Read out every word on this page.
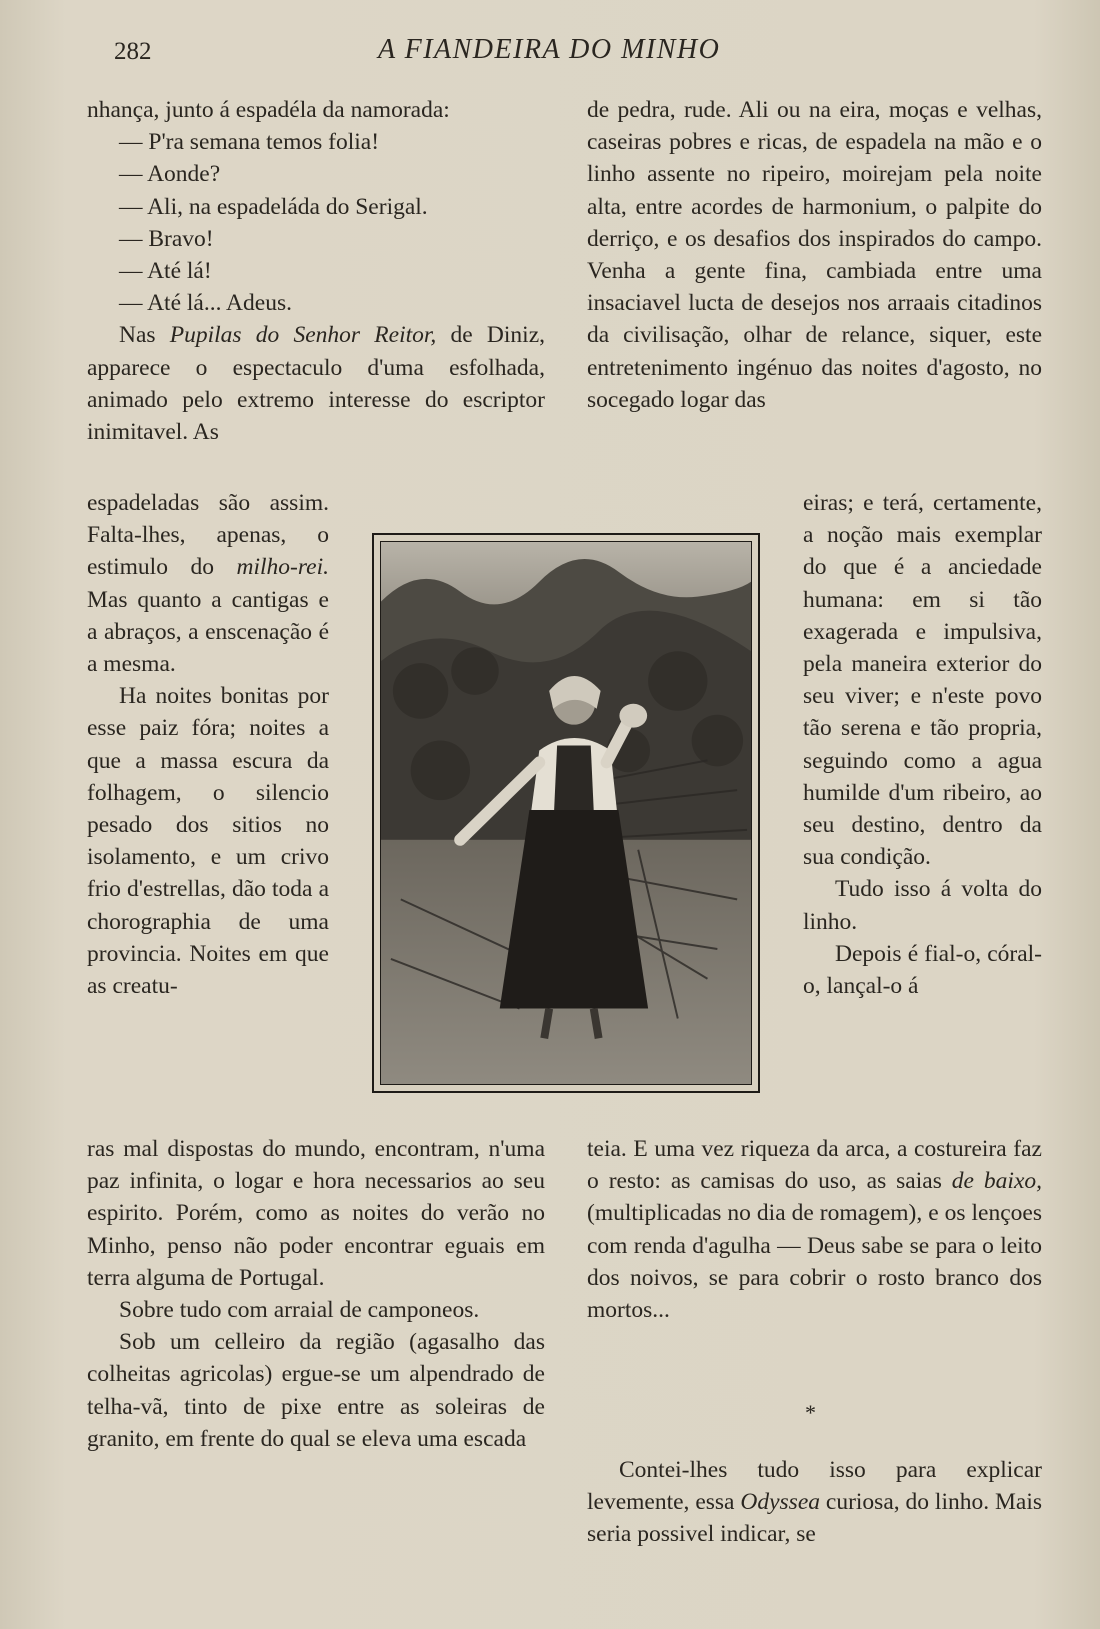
282	A FIANDEIRA DO MINHO

nhança, junto á espadéla da namorada:

— P'ra semana temos folia!

— Aonde?

— Ali, na espadeláda do Serigal.

— Bravo!

— Até lá!

— Até lá... Adeus.

Nas Pupilas do Senhor Reitor, de Diniz, apparece o espectaculo d'uma esfolhada, animado pelo extremo interesse do escriptor inimitavel. As

espadeladas são assim. Falta-lhes, apenas, o estimulo do milho-rei. Mas quanto a cantigas e a abraços, a enscenação é a mesma.

Ha noites bonitas por esse paiz fóra; noites a que a massa escura da folhagem, o silencio pesado dos sitios no isolamento, e um crivo frio d'estrellas, dão toda a chorographia de uma provincia. Noites em que as creatu-

ras mal dispostas do mundo, encontram, n'uma paz infinita, o logar e hora necessarios ao seu espirito. Porém, como as noites do verão no Minho, penso não poder encontrar eguais em terra alguma de Portugal.

Sobre tudo com arraial de camponeos.

Sob um celleiro da região (agasalho das colheitas agricolas) ergue-se um alpendrado de telha-vã, tinto de pixe entre as soleiras de granito, em frente do qual se eleva uma escada

de pedra, rude. Ali ou na eira, moças e velhas, caseiras pobres e ricas, de espadela na mão e o linho assente no ripeiro, moirejam pela noite alta, entre acordes de harmonium, o palpite do derriço, e os desafios dos inspirados do campo. Venha a gente fina, cambiada entre uma insaciavel lucta de desejos nos arraais citadinos da civilisação, olhar de relance, siquer, este entretenimento ingénuo das noites d'agosto, no socegado logar das

eiras; e terá, certamente, a noção mais exemplar do que é a anciedade humana: em si tão exagerada e impulsiva, pela maneira exterior do seu viver; e n'este povo tão serena e tão propria, seguindo como a agua humilde d'um ribeiro, ao seu destino, dentro da sua condição.

Tudo isso á volta do linho.

Depois é fial-o, córal-o, lançal-o á

teia. E uma vez riqueza da arca, a costureira faz o resto: as camisas do uso, as saias de baixo, (multiplicadas no dia de romagem), e os lençoes com renda d'agulha — Deus sabe se para o leito dos noivos, se para cobrir o rosto branco dos mortos...

*

Contei-lhes tudo isso para explicar levemente, essa Odyssea curiosa, do linho. Mais seria possivel indicar, se
